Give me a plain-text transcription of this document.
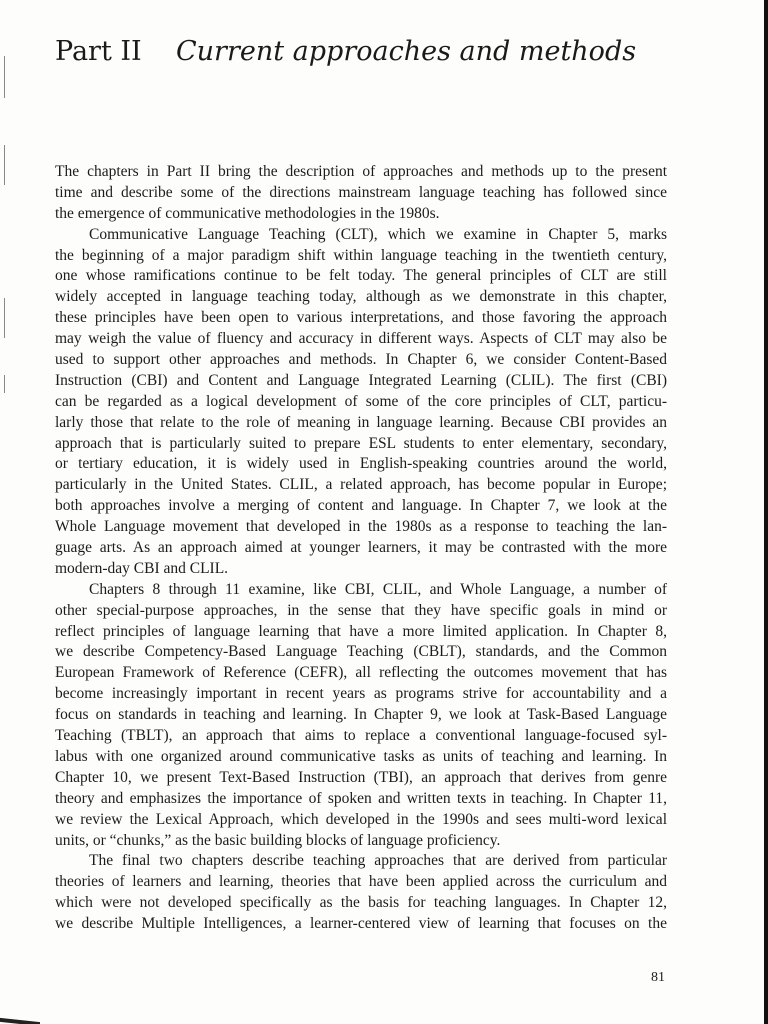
Part II Current approaches and methods
The chapters in Part II bring the description of approaches and methods up to the present
time and describe some of the directions mainstream language teaching has followed since
the emergence of communicative methodologies in the 1980s.
Communicative Language Teaching (CLT), which we examine in Chapter 5, marks
the beginning of a major paradigm shift within language teaching in the twentieth century,
one whose ramifications continue to be felt today. The general principles of CLT are still
widely accepted in language teaching today, although as we demonstrate in this chapter,
these principles have been open to various interpretations, and those favoring the approach
may weigh the value of fluency and accuracy in different ways. Aspects of CLT may also be
used to support other approaches and methods. In Chapter 6, we consider Content-Based
Instruction (CBI) and Content and Language Integrated Learning (CLIL). The first (CBI)
can be regarded as a logical development of some of the core principles of CLT, particu-
larly those that relate to the role of meaning in language learning. Because CBI provides an
approach that is particularly suited to prepare ESL students to enter elementary, secondary,
or tertiary education, it is widely used in English-speaking countries around the world,
particularly in the United States. CLIL, a related approach, has become popular in Europe;
both approaches involve a merging of content and language. In Chapter 7, we look at the
Whole Language movement that developed in the 1980s as a response to teaching the lan-
guage arts. As an approach aimed at younger learners, it may be contrasted with the more
modern-day CBI and CLIL.
Chapters 8 through 11 examine, like CBI, CLIL, and Whole Language, a number of
other special-purpose approaches, in the sense that they have specific goals in mind or
reflect principles of language learning that have a more limited application. In Chapter 8,
we describe Competency-Based Language Teaching (CBLT), standards, and the Common
European Framework of Reference (CEFR), all reflecting the outcomes movement that has
become increasingly important in recent years as programs strive for accountability and a
focus on standards in teaching and learning. In Chapter 9, we look at Task-Based Language
Teaching (TBLT), an approach that aims to replace a conventional language-focused syl-
labus with one organized around communicative tasks as units of teaching and learning. In
Chapter 10, we present Text-Based Instruction (TBI), an approach that derives from genre
theory and emphasizes the importance of spoken and written texts in teaching. In Chapter 11,
we review the Lexical Approach, which developed in the 1990s and sees multi-word lexical
units, or “chunks,” as the basic building blocks of language proficiency.
The final two chapters describe teaching approaches that are derived from particular
theories of learners and learning, theories that have been applied across the curriculum and
which were not developed specifically as the basis for teaching languages. In Chapter 12,
we describe Multiple Intelligences, a learner-centered view of learning that focuses on the
81
